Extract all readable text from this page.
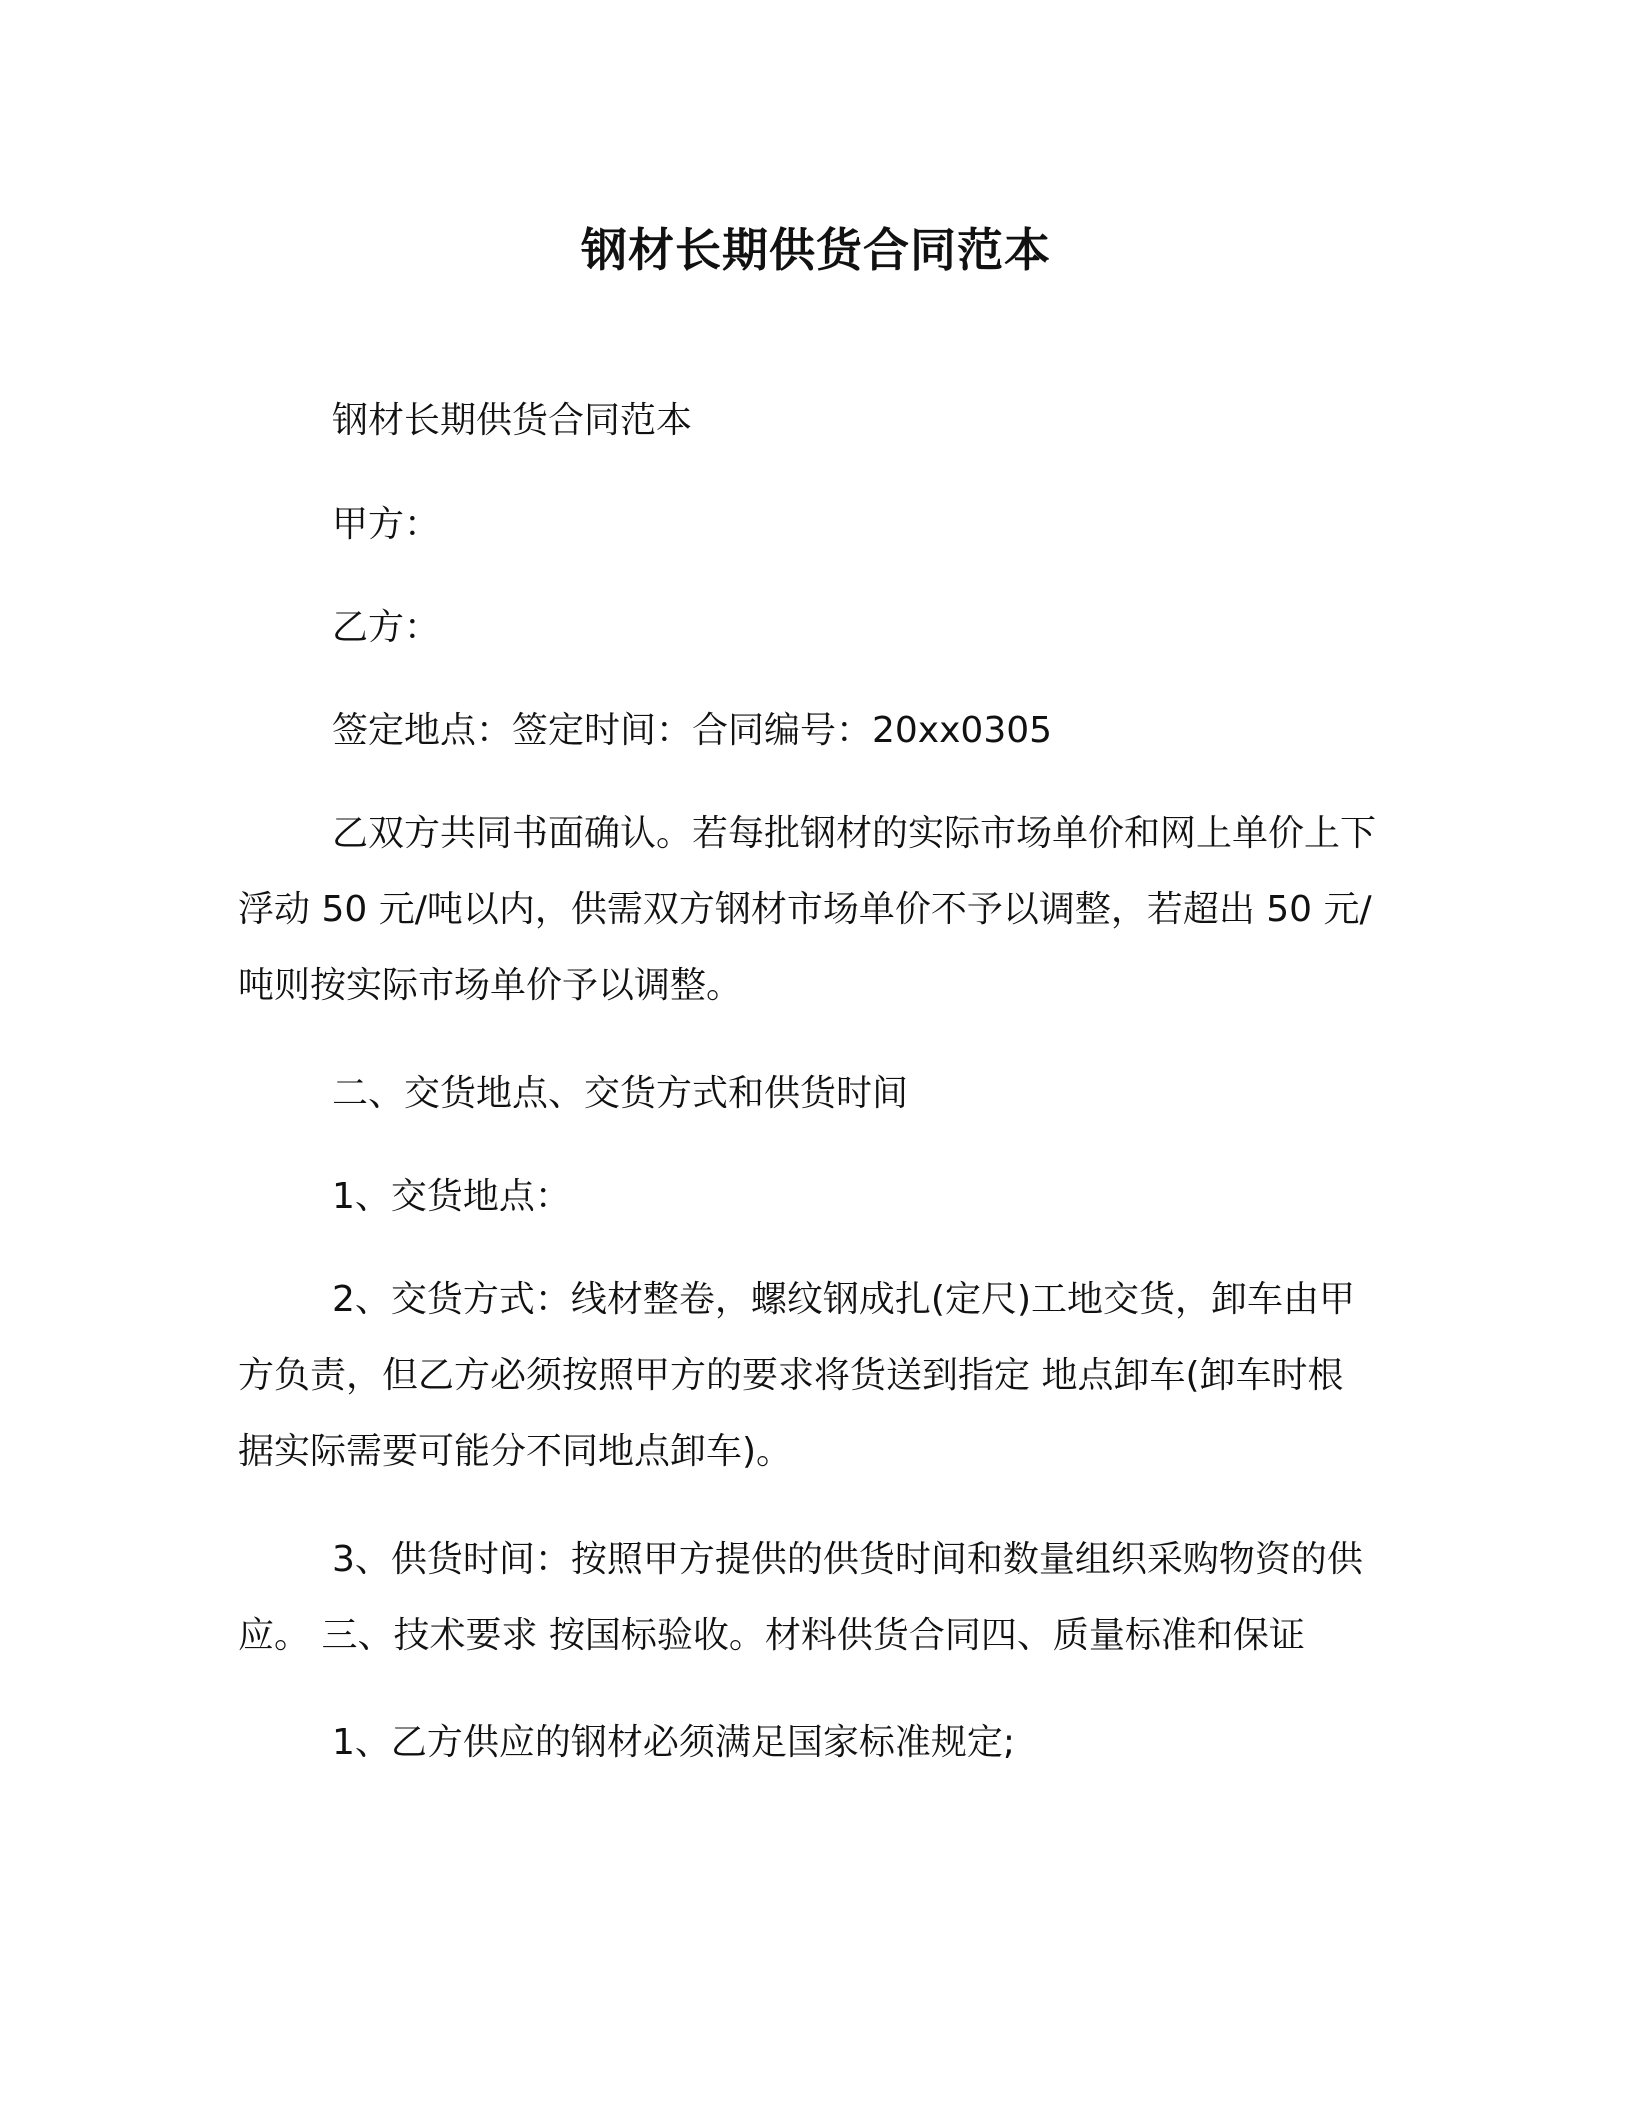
钢材长期供货合同范本

钢材长期供货合同范本

甲方：

乙方：

签定地点：签定时间：合同编号：20xx0305

乙双方共同书面确认。若每批钢材的实际市场单价和网上单价上下浮动 50 元/吨以内，供需双方钢材市场单价不予以调整，若超出 50 元/吨则按实际市场单价予以调整。

二、交货地点、交货方式和供货时间

1、交货地点：

2、交货方式：线材整卷，螺纹钢成扎(定尺)工地交货，卸车由甲方负责，但乙方必须按照甲方的要求将货送到指定 地点卸车(卸车时根据实际需要可能分不同地点卸车)。

3、供货时间：按照甲方提供的供货时间和数量组织采购物资的供应。 三、技术要求 按国标验收。材料供货合同四、质量标准和保证

1、乙方供应的钢材必须满足国家标准规定;
